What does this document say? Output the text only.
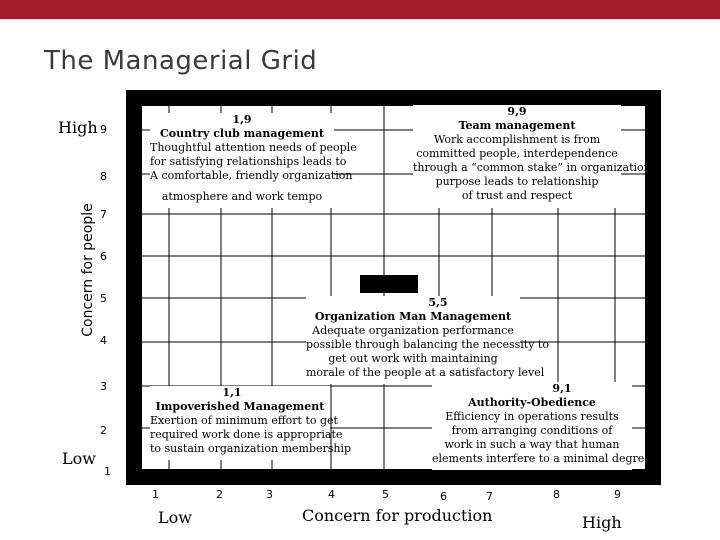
The Managerial Grid
Concern for people
High
Low
9
8
7
6
5
4
3
2
1
1	2	3	4	5	6	7	8	9
Low	Concern for production	High
1,9
Country club management
Thoughtful attention needs of people
for satisfying relationships leads to
A comfortable, friendly organization
atmosphere and work tempo
9,9
Team management
Work accomplishment is from
committed people, interdependence
through a “common stake” in organization
purpose leads to relationship
of trust and respect
5,5
Organization Man Management
Adequate organization performance
possible through balancing the necessity to
get out work with maintaining
morale of the people at a satisfactory level
1,1
Impoverished Management
Exertion of minimum effort to get
required work done is appropriate
to sustain organization membership
9,1
Authority-Obedience
Efficiency in operations results
from arranging conditions of
work in such a way that human
elements interfere to a minimal degree
